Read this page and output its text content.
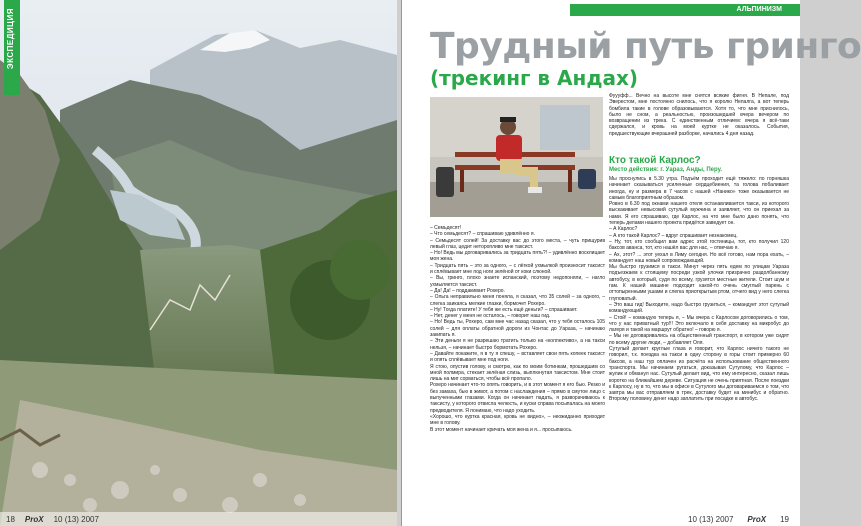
ЭКСПЕДИЦИЯ
18 ProX 10 (13) 2007
АЛЬПИНИЗМ
Трудный путь гринго
(трекинг в Андах)

Фуууфф... Вечно на высоте мне снятся всякие фигня. В Непале, под Эверестом, мне постоянно снилось, что я королю Непалга, а вот теперь бомбила такие в голове образовываются. Хотя то, что мне приснилось, было не сном, а реальностью, произошедшей вчера вечером по возвращении из трека. С единственным отличием: вчера я всё-таки сдержался, и кровь на моей куртке не оказалось. События, предшествующие вчерашней разборке, начались 4 дня назад.

Кто такой Карлос?
Место действия: г. Уараз, Анды, Перу.

– Семьдесят!

– Что семьдесят? – спрашиваю удивлённо я.

– Семьдесят солей! За доставку вас до этого места, – чуть прищурив левый глаз, цедит неторопливо мне таксист.

– Но! Ведь мы договаривались за тридцать пять?! – удивлённо восклицает моя жена.

– Тридцать пять – это за одного, – с лёгкой ухмылкой произносит таксист и сплёвывает мне под ноги зелёной от коки слюной.

– Вы, гринго, плохо знаете испанский, поэтому недопоняли, – нагло ухмыляется таксист.

– Да! Да! – поддакивает Рохеро.

– Ольга неправильно меня поняла, я сказал, что 35 солей – за одного, – слегка заикаясь мелкие глазки, бормочет Рохеро.

– Ну! Тогда платите! У тебя же есть ещё деньги? – спрашивает.

– Нет, денег у меня не осталось, – говорит наш гид.

– Но! Ведь ты, Рохеро, сам мне час назад сказал, что у тебя осталось 105 солей – для оплаты обратной дороги из Чонтас до Уараза, – начинаю закипать я.

– Эти деньги я не разрешаю тратить только на «коллективо», а на такси нельзя, – начинает быстро бормотать Рохеро.

– Давайте покажите, я в ту я спешу, – вставляет свои пять копеек таксист и опять сплёвывает мне под ноги.

Я стою, опустив голову, и смотрю, как по моим ботинкам, прошедшим со мной полмира, стекает зелёная слизь, выплюнутая таксистом. Мне стоит лишь на миг сорваться, чтобы всё пропало.

Рохеро начинает что-то опять говорить, и в этот момент я его бью. Резко и без замаха, бью в живот, а потом с наслаждения – прямо в смутое лицо с выпученными глазами. Когда он начинает падать, я разворачиваюсь к таксисту, у которого отвисла челюсть, и куски справа посыпалась на моего предводителя. Я понимаю, что надо уходить.

«Хорошо, что куртка красная, кровь не видно», – неожиданно приходит мне в голову.

В этот момент начинает кричать моя жена и я... просыпаюсь.

Мы проснулись в 5.30 утра. Подъём проходит ещё тяжело: по горняшка начинает сказываться усиленные сердцебиения, та голова побаливает иногда, ну и размера в 7 часов с нашей «Нанико» тоже оказывается не самым благоприятным образом.

Ровно в 6.30 под окнами нашего отеля останавливается такси, из которого выскакивает невысокий сутулый мужчина и заявляет, что он приехал за нами. Я его спрашиваю, где Карлос, на что мне было дано понять, что теперь делами нашего проекта придётся заведует он.

– А Карлос?

– А кто такой Карлос? – вдруг спрашивает незнакомец.

– Ну, тот, кто сообщил вам адрес этой гостиницы, тот, кто получил 120 баксов аванса, тот, кто нашёл вас для нас, – отвечаю я.

– Ах, этот? ... этот уехал в Лиму сегодня. Но всё готово, нам пора ехать, – командует наш новый сопровождающий.

Мы быстро грузимся в такси. Минут через пять едем по улицам Уараза подъезжаем к стоящему посреди узкой улочки призрачно раздолбанному автобусу, в который, судя по всему, грузятся местные жители. Стоит шум и гам. К нашей машине подходит какой-то очень смуглый парень с оттопыренными ушами и слегка приоткрытым ртом, отчего вид у него слегка глуповатый.

– Это ваш гид! Выходите, надо быстро грузиться, – командует этот сутулый командующий.

– Стой! – командую теперь я, – Мы вчера с Карлосом договорились о том, что у нас приватный тур!!! Это включало в себя доставку на микробус до лагеря и такой на маршрут обратно! – говорю я.

– Мы не договаривались на общественный транспорт, в котором уже сидят по всему другие люди, – добавляет Оля.

Сутулый делает круглые глаза и говорит, что Карлос ничего такого не говорил, т.к. поездка на такси в одну сторону в горы стоит примерно 60 баксов, а наш тур оплачен из расчёта на использование общественного транспорта. Мы начинаем ругаться, доказывая Сутулому, что Карлос – жулик и обманул нас. Сутулый делает вид, что ему интересно, сказал лишь коротко на ближайшем дереве. Ситуация не очень приятная. После поездки к Карлосу, ну в то, что мы в офисе в Сутулого мы договариваемся о том, что завтра мы вас отправляем в трек, доставку будет на минибус и обратно. Второму половину денег надо заплатить при посадке в автобус.

10 (13) 2007 ProX 19
